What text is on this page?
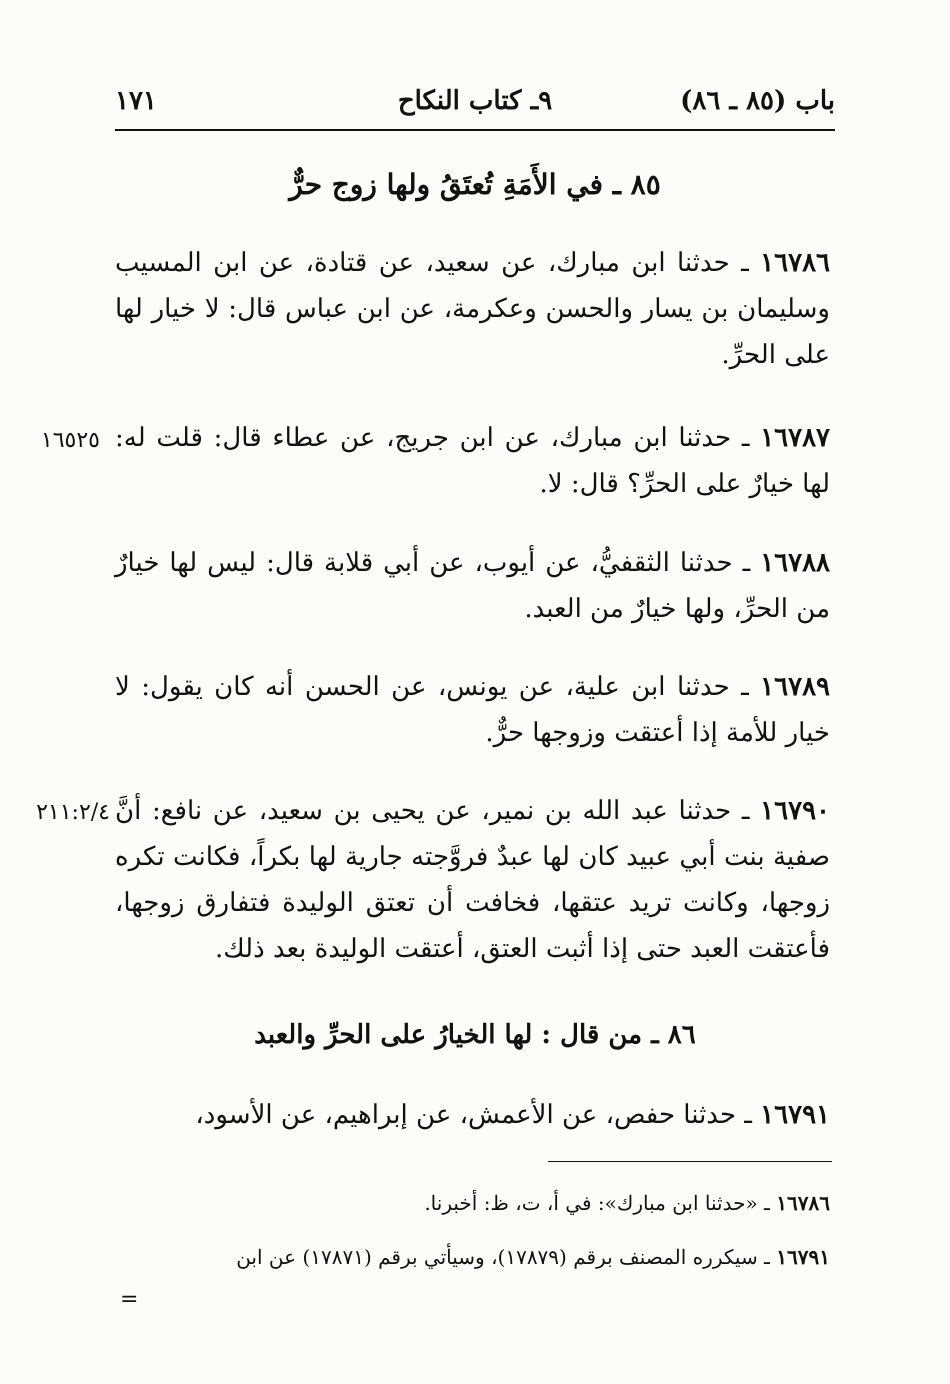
باب (٨٥ ـ ٨٦)
٩ـ كتاب النكاح
١٧١
٨٥ ـ في الأَمَةِ تُعتَقُ ولها زوج حرٌّ
١٦٧٨٦ ـ حدثنا ابن مبارك، عن سعيد، عن قتادة، عن ابن المسيب وسليمان بن يسار والحسن وعكرمة، عن ابن عباس قال: لا خيار لها على الحرِّ.
١٦٥٢٥	١٦٧٨٧ ـ حدثنا ابن مبارك، عن ابن جريج، عن عطاء قال: قلت له: لها خيارٌ على الحرِّ؟ قال: لا.
١٦٧٨٨ ـ حدثنا الثقفيُّ، عن أيوب، عن أبي قلابة قال: ليس لها خيارٌ من الحرِّ، ولها خيارٌ من العبد.
١٦٧٨٩ ـ حدثنا ابن علية، عن يونس، عن الحسن أنه كان يقول: لا خيار للأمة إذا أعتقت وزوجها حرٌّ.
٢١١:٢/٤	١٦٧٩٠ ـ حدثنا عبد الله بن نمير، عن يحيى بن سعيد، عن نافع: أنَّ صفية بنت أبي عبيد كان لها عبدٌ فروَّجته جارية لها بكراً، فكانت تكره زوجها، وكانت تريد عتقها، فخافت أن تعتق الوليدة فتفارق زوجها، فأعتقت العبد حتى إذا أثبت العتق، أعتقت الوليدة بعد ذلك.
٨٦ ـ من قال : لها الخيارُ على الحرِّ والعبد
١٦٧٩١ ـ حدثنا حفص، عن الأعمش، عن إبراهيم، عن الأسود،
١٦٧٨٦ ـ «حدثنا ابن مبارك»: في أ، ت، ظ: أخبرنا.
١٦٧٩١ ـ سيكرره المصنف برقم (١٧٨٧٩)، وسيأتي برقم (١٧٨٧١) عن ابن
=
